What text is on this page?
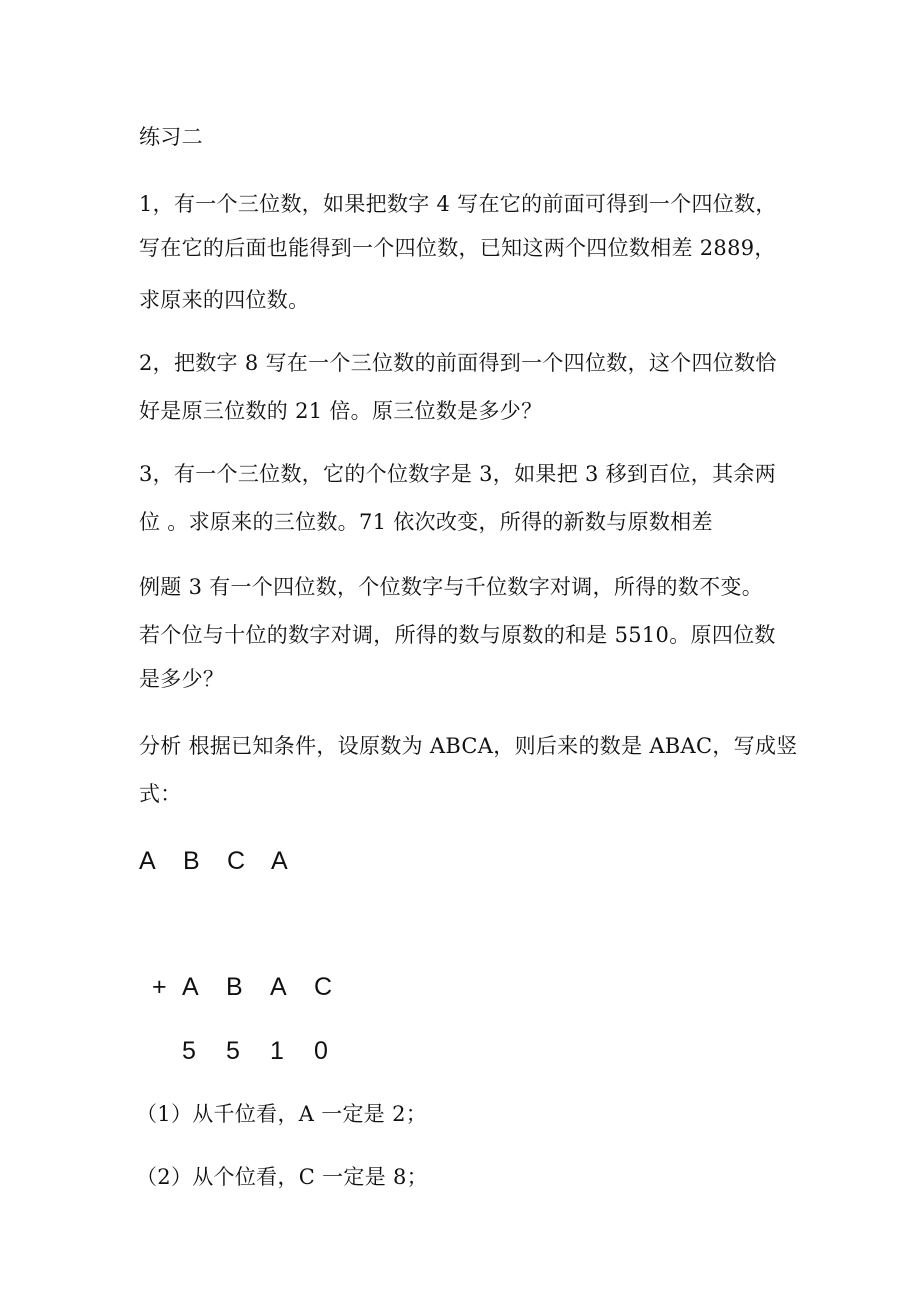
练习二
1，有一个三位数，如果把数字 4 写在它的前面可得到一个四位数，
写在它的后面也能得到一个四位数，已知这两个四位数相差 2889，
求原来的四位数。
2，把数字 8 写在一个三位数的前面得到一个四位数，这个四位数恰
好是原三位数的 21 倍。原三位数是多少？
3，有一个三位数，它的个位数字是 3，如果把 3 移到百位，其余两
位 。求原来的三位数。71 依次改变，所得的新数与原数相差
例题 3 有一个四位数，个位数字与千位数字对调，所得的数不变。
若个位与十位的数字对调，所得的数与原数的和是 5510。原四位数
是多少？
分析 根据已知条件，设原数为 ABCA，则后来的数是 ABAC，写成竖
式：
A B C A
+ A B A C
5 5 1 0
（1）从千位看，A 一定是 2；
（2）从个位看，C 一定是 8；
